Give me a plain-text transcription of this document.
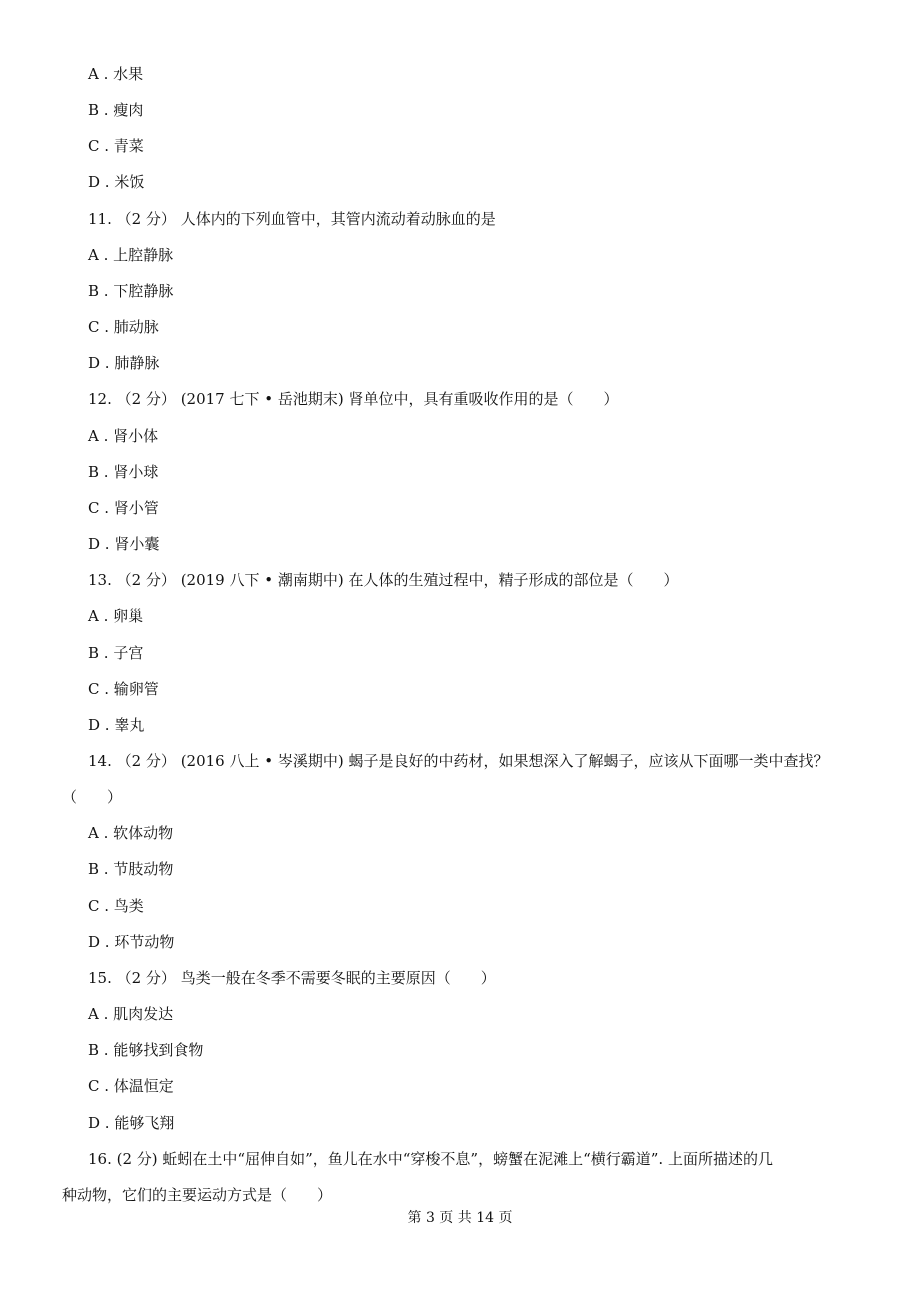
A . 水果
B . 瘦肉
C . 青菜
D . 米饭
11. （2 分） 人体内的下列血管中，其管内流动着动脉血的是
A . 上腔静脉
B . 下腔静脉
C . 肺动脉
D . 肺静脉
12. （2 分） (2017 七下 • 岳池期末) 肾单位中，具有重吸收作用的是（　　）
A . 肾小体
B . 肾小球
C . 肾小管
D . 肾小囊
13. （2 分） (2019 八下 • 潮南期中) 在人体的生殖过程中，精子形成的部位是（　　）
A . 卵巢
B . 子宫
C . 输卵管
D . 睾丸
14. （2 分） (2016 八上 • 岑溪期中) 蝎子是良好的中药材，如果想深入了解蝎子，应该从下面哪一类中查找？
（　　）
A . 软体动物
B . 节肢动物
C . 鸟类
D . 环节动物
15. （2 分） 鸟类一般在冬季不需要冬眠的主要原因（　　）
A . 肌肉发达
B . 能够找到食物
C . 体温恒定
D . 能够飞翔
16. (2 分) 蚯蚓在土中“屈伸自如”，鱼儿在水中“穿梭不息”，螃蟹在泥滩上“横行霸道”. 上面所描述的几
种动物，它们的主要运动方式是（　　）
第 3 页 共 14 页
